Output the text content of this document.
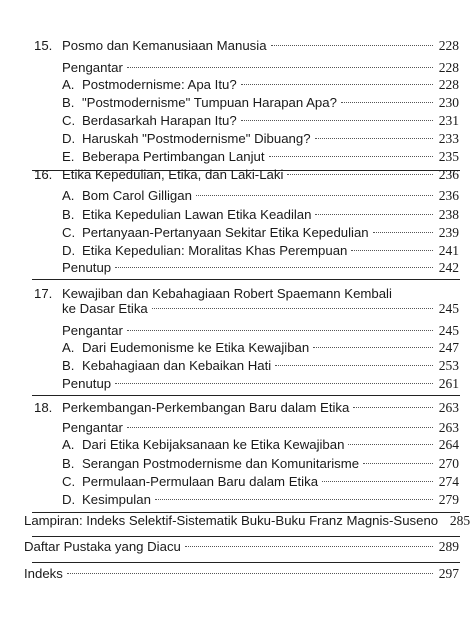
15. Posmo dan Kemanusiaan Manusia	228
Pengantar	228
A. Postmodernisme: Apa Itu?	228
B. "Postmodernisme" Tumpuan Harapan Apa?	230
C. Berdasarkah Harapan Itu?	231
D. Haruskah "Postmodernisme" Dibuang?	233
E. Beberapa Pertimbangan Lanjut	235
16. Etika Kepedulian, Etika, dan Laki-Laki	236
A. Bom Carol Gilligan	236
B. Etika Kepedulian Lawan Etika Keadilan	238
C. Pertanyaan-Pertanyaan Sekitar Etika Kepedulian	239
D. Etika Kepedulian: Moralitas Khas Perempuan	241
Penutup	242
17. Kewajiban dan Kebahagiaan Robert Spaemann Kembali
ke Dasar Etika	245
Pengantar	245
A. Dari Eudemonisme ke Etika Kewajiban	247
B. Kebahagiaan dan Kebaikan Hati	253
Penutup	261
18. Perkembangan-Perkembangan Baru dalam Etika	263
Pengantar	263
A. Dari Etika Kebijaksanaan ke Etika Kewajiban	264
B. Serangan Postmodernisme dan Komunitarisme	270
C. Permulaan-Permulaan Baru dalam Etika	274
D. Kesimpulan	279
Lampiran: Indeks Selektif-Sistematik Buku-Buku Franz Magnis-Suseno 285
Daftar Pustaka yang Diacu	289
Indeks	297
